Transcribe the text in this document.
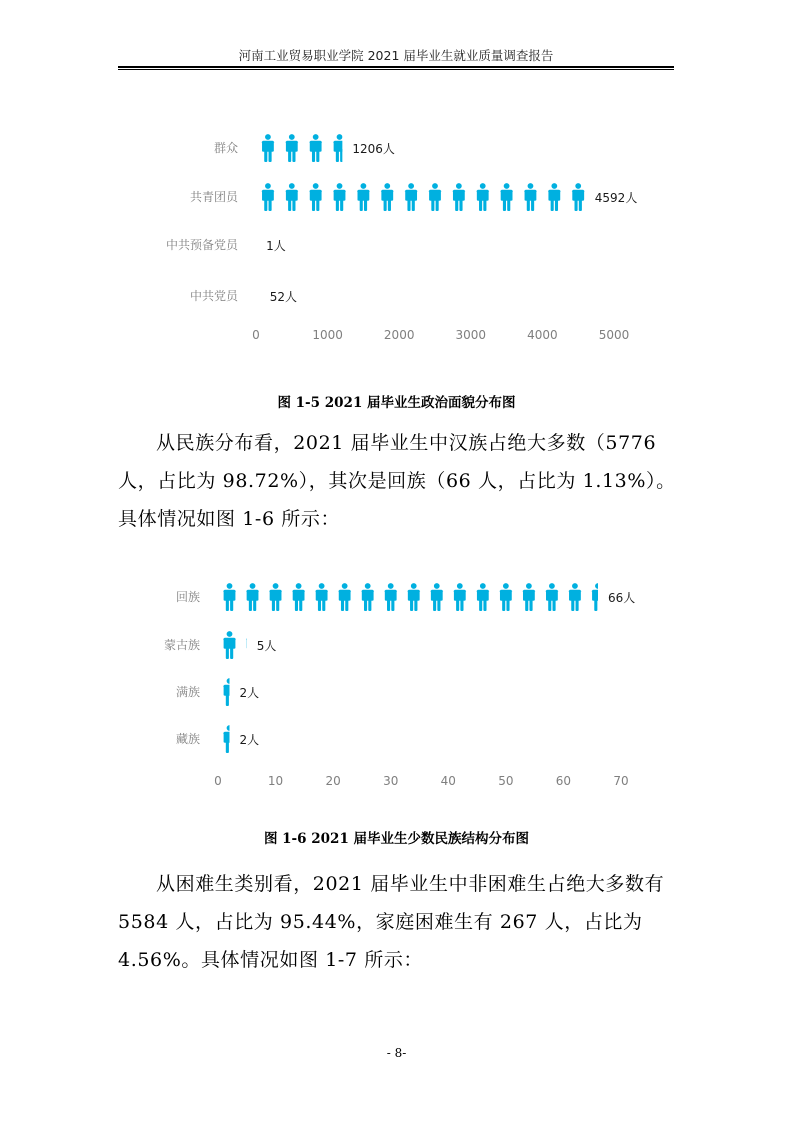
河南工业贸易职业学院 2021 届毕业生就业质量调查报告
群众	1206人
共青团员	4592人
中共预备党员 1人
中共党员	52人
0	1000	2000	3000	4000	5000
图 1-5 2021 届毕业生政治面貌分布图

从民族分布看，2021 届毕业生中汉族占绝大多数（5776 人，占比为 98.72%），其次是回族（66 人，占比为 1.13%）。具体情况如图 1-6 所示：

回族	66人
蒙古族	5人
满族	2人
藏族	2人
0	10	20	30	40	50	60	70
图 1-6 2021 届毕业生少数民族结构分布图

从困难生类别看，2021 届毕业生中非困难生占绝大多数有 5584 人，占比为 95.44%，家庭困难生有 267 人，占比为 4.56%。具体情况如图 1-7 所示：

- 8-
